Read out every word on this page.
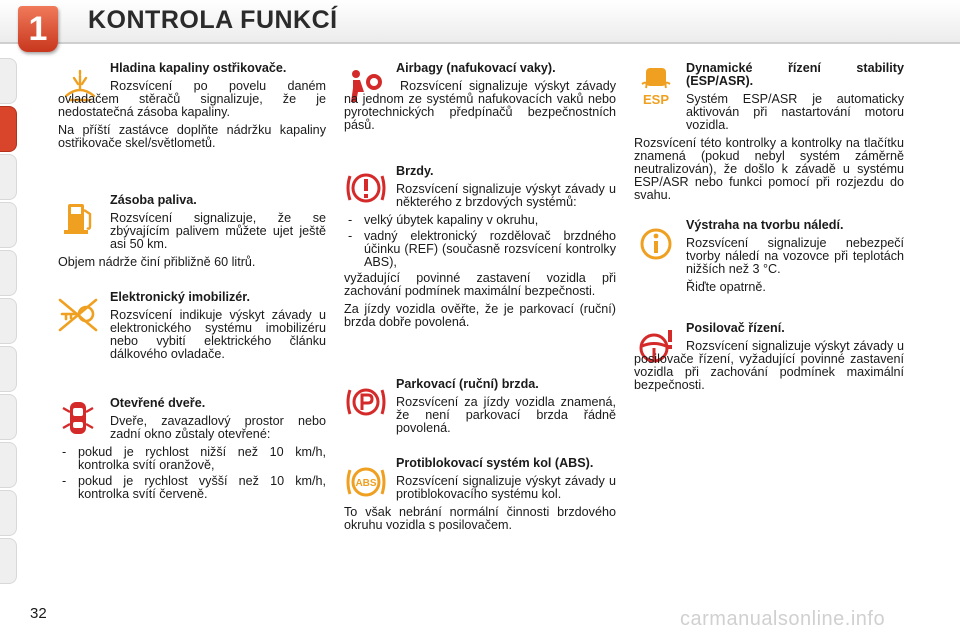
1	KONTROLA FUNKCÍ

Hladina kapaliny ostřikovače.

Rozsvícení po povelu daném ovladačem stěračů signalizuje, že je nedostatečná zásoba kapaliny.

Na příští zastávce doplňte nádržku kapaliny ostřikovače skel/světlometů.

Zásoba paliva.

Rozsvícení signalizuje, že se zbývajícím palivem můžete ujet ještě asi 50 km.

Objem nádrže činí přibližně 60 litrů.

Elektronický imobilizér.

Rozsvícení indikuje výskyt závady u elektronického systému imobilizéru nebo vybití elektrického článku dálkového ovladače.

Otevřené dveře.

Dveře, zavazadlový prostor nebo zadní okno zůstaly otevřené:

- pokud je rychlost nižší než 10 km/h, kontrolka svítí oranžově,

- pokud je rychlost vyšší než 10 km/h, kontrolka svítí červeně.

Airbagy (nafukovací vaky).

Rozsvícení signalizuje výskyt závady na jednom ze systémů nafukovacích vaků nebo pyrotechnických předpínačů bezpečnostních pásů.

Brzdy.

Rozsvícení signalizuje výskyt závady u některého z brzdových systémů:

- velký úbytek kapaliny v okruhu,

- vadný elektronický rozdělovač brzdného účinku (REF) (současně rozsvícení kontrolky ABS),

vyžadující povinné zastavení vozidla při zachování podmínek maximální bezpečnosti.

Za jízdy vozidla ověřte, že je parkovací (ruční) brzda dobře povolená.

Parkovací (ruční) brzda.

Rozsvícení za jízdy vozidla znamená, že není parkovací brzda řádně povolená.

ABS

Protiblokovací systém kol (ABS).

Rozsvícení signalizuje výskyt závady u protiblokovacího systému kol.

To však nebrání normální činnosti brzdového okruhu vozidla s posilovačem.

ESP

Dynamické řízení stability (ESP/ASR).

Systém ESP/ASR je automaticky aktivován při nastartování motoru vozidla.

Rozsvícení této kontrolky a kontrolky na tlačítku znamená (pokud nebyl systém záměrně neutralizován), že došlo k závadě u systému ESP/ASR nebo funkci pomocí při rozjezdu do svahu.

Výstraha na tvorbu náledí.

Rozsvícení signalizuje nebezpečí tvorby náledí na vozovce při teplotách nižších než 3 °C.

Řiďte opatrně.

Posilovač řízení.

Rozsvícení signalizuje výskyt závady u posilovače řízení, vyžadující povinné zastavení vozidla při zachování podmínek maximální bezpečnosti.

32	carmanualsonline.info
